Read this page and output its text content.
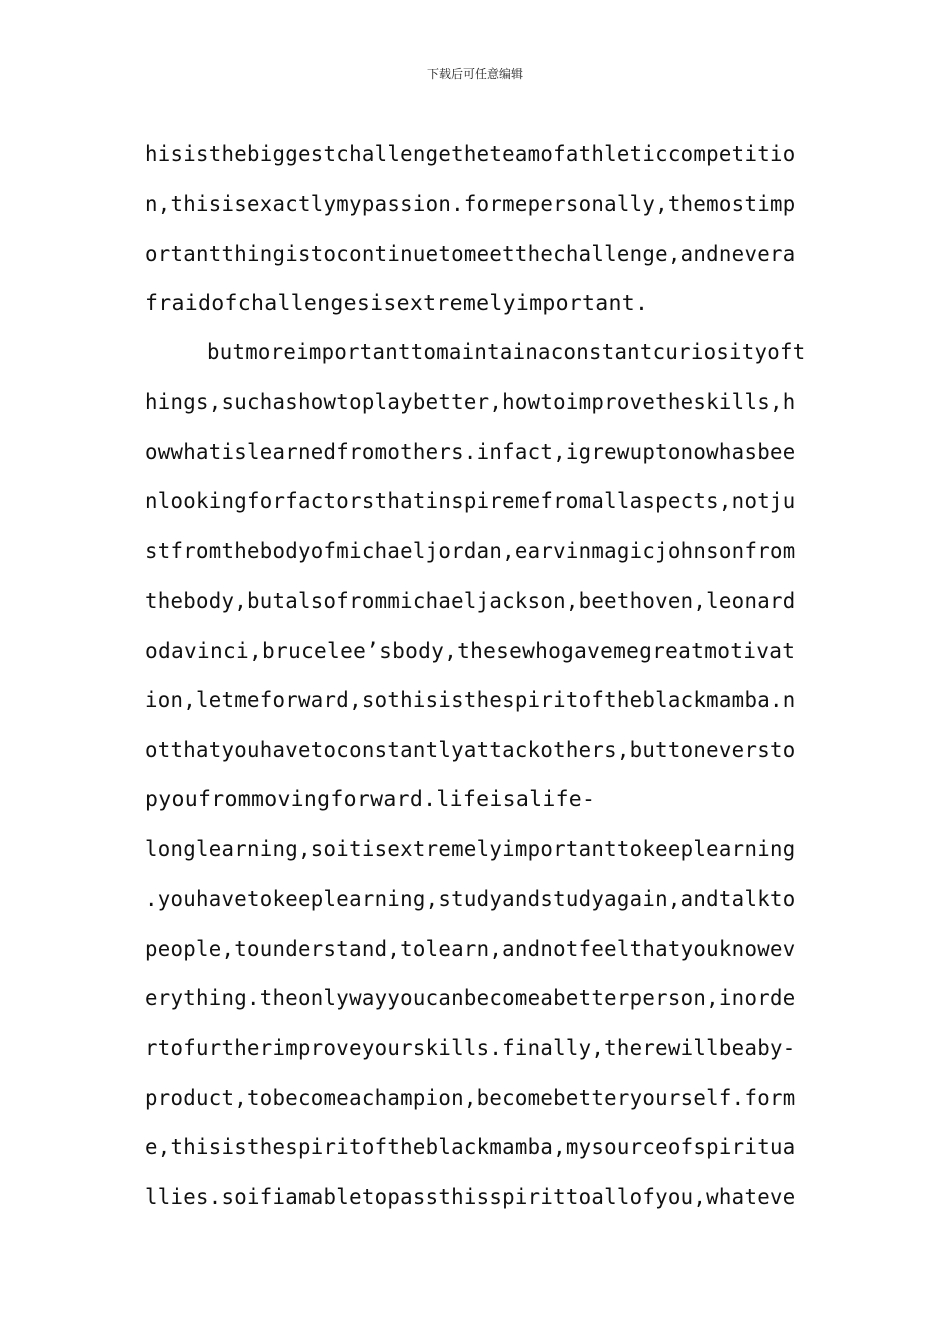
下载后可任意编辑
hisisthebiggestchallengetheteamofathleticcompetitio
n,thisisexactlymypassion.formepersonally,themostimp
ortantthingistocontinuetomeetthechallenge,andnevera
fraidofchallengesisextremelyimportant.
butmoreimportanttomaintainaconstantcuriosityoft
hings,suchashowtoplaybetter,howtoimprovetheskills,h
owwhatislearnedfromothers.infact,igrewuptonowhasbee
nlookingforfactorsthatinspiremefromallaspects,notju
stfromthebodyofmichaeljordan,earvinmagicjohnsonfrom
thebody,butalsofrommichaeljackson,beethoven,leonard
odavinci,brucelee’sbody,thesewhogavemegreatmotivat
ion,letmeforward,sothisisthespiritoftheblackmamba.n
otthatyouhavetoconstantlyattackothers,buttoneversto
pyoufrommovingforward.lifeisalife-
longlearning,soitisextremelyimportanttokeeplearning
.youhavetokeeplearning,studyandstudyagain,andtalkto
people,tounderstand,tolearn,andnotfeelthatyouknowev
erything.theonlywayyoucanbecomeabetterperson,inorde
rtofurtherimproveyourskills.finally,therewillbeaby-
product,tobecomeachampion,becomebetteryourself.form
e,thisisthespiritoftheblackmamba,mysourceofspiritua
llies.soifiamabletopassthisspirittoallofyou,whateve
